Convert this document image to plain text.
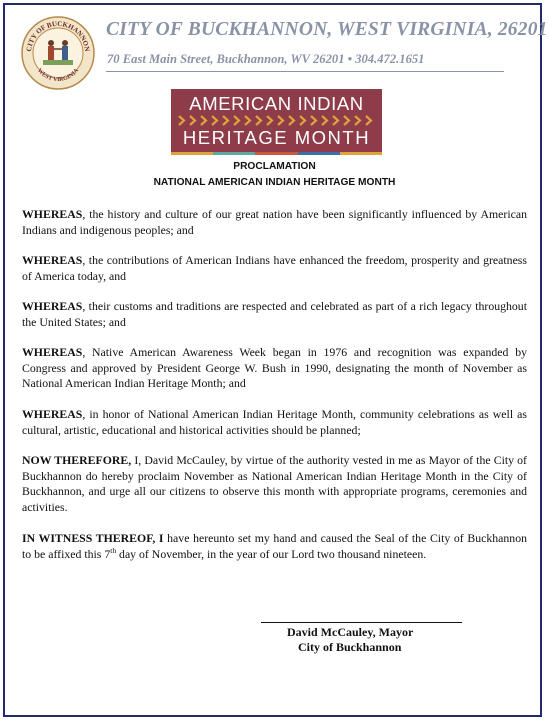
CITY OF BUCKHANNON
WEST VIRGINIA
CITY OF BUCKHANNON, WEST VIRGINIA, 26201
70 East Main Street, Buckhannon, WV 26201 • 304.472.1651
AMERICAN INDIAN
HERITAGE MONTH
PROCLAMATION
NATIONAL AMERICAN INDIAN HERITAGE MONTH
WHEREAS, the history and culture of our great nation have been significantly influenced by American Indians and indigenous peoples; and
WHEREAS, the contributions of American Indians have enhanced the freedom, prosperity and greatness of America today, and
WHEREAS, their customs and traditions are respected and celebrated as part of a rich legacy throughout the United States; and
WHEREAS, Native American Awareness Week began in 1976 and recognition was expanded by Congress and approved by President George W. Bush in 1990, designating the month of November as National American Indian Heritage Month; and
WHEREAS, in honor of National American Indian Heritage Month, community celebrations as well as cultural, artistic, educational and historical activities should be planned;
NOW THEREFORE, I, David McCauley, by virtue of the authority vested in me as Mayor of the City of Buckhannon do hereby proclaim November as National American Indian Heritage Month in the City of Buckhannon, and urge all our citizens to observe this month with appropriate programs, ceremonies and activities.
IN WITNESS THEREOF, I have hereunto set my hand and caused the Seal of the City of Buckhannon to be affixed this 7th day of November, in the year of our Lord two thousand nineteen.
David McCauley, Mayor
City of Buckhannon
